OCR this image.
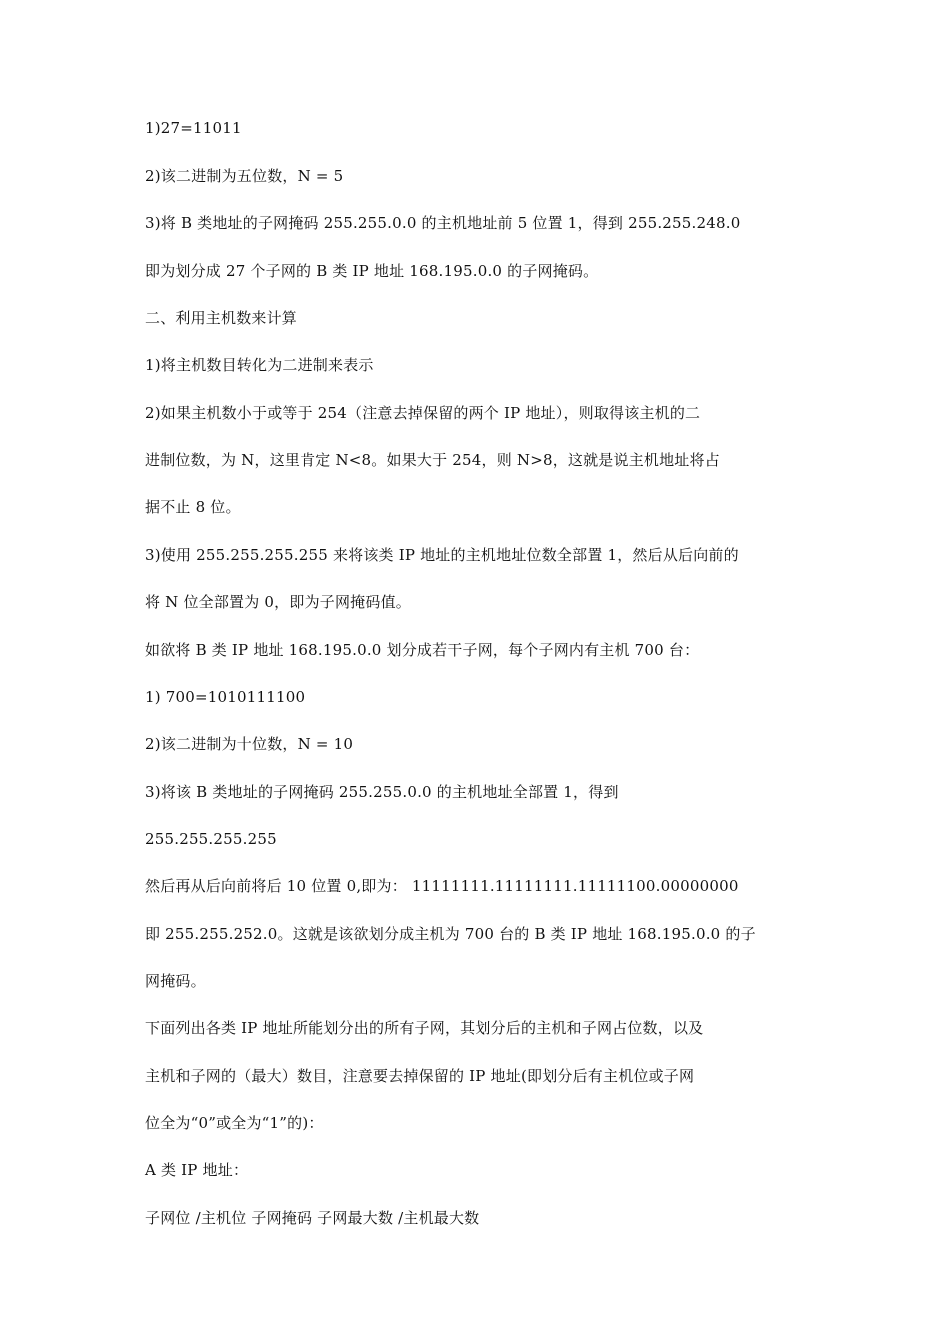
1)27=11011
2)该二进制为五位数，N = 5
3)将 B 类地址的子网掩码 255.255.0.0 的主机地址前 5 位置 1，得到 255.255.248.0
即为划分成 27 个子网的 B 类 IP 地址 168.195.0.0 的子网掩码。
二、利用主机数来计算
1)将主机数目转化为二进制来表示
2)如果主机数小于或等于 254（注意去掉保留的两个 IP 地址），则取得该主机的二
进制位数，为 N，这里肯定 N<8。如果大于 254，则 N>8，这就是说主机地址将占
据不止 8 位。
3)使用 255.255.255.255 来将该类 IP 地址的主机地址位数全部置 1，然后从后向前的
将 N 位全部置为 0，即为子网掩码值。
如欲将 B 类 IP 地址 168.195.0.0 划分成若干子网，每个子网内有主机 700 台：
1) 700=1010111100
2)该二进制为十位数，N = 10
3)将该 B 类地址的子网掩码 255.255.0.0 的主机地址全部置 1，得到
255.255.255.255
然后再从后向前将后 10 位置 0,即为： 11111111.11111111.11111100.00000000
即 255.255.252.0。这就是该欲划分成主机为 700 台的 B 类 IP 地址 168.195.0.0 的子
网掩码。
下面列出各类 IP 地址所能划分出的所有子网，其划分后的主机和子网占位数，以及
主机和子网的（最大）数目，注意要去掉保留的 IP 地址(即划分后有主机位或子网
位全为“0”或全为“1”的)：
A 类 IP 地址：
子网位 /主机位 子网掩码 子网最大数 /主机最大数
